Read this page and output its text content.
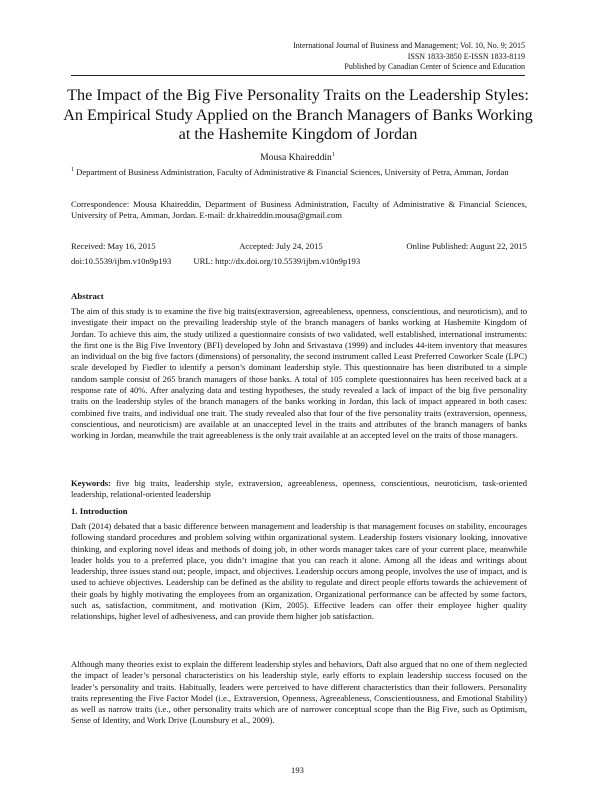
International Journal of Business and Management; Vol. 10, No. 9; 2015
ISSN 1833-3850 E-ISSN 1833-8119
Published by Canadian Center of Science and Education
The Impact of the Big Five Personality Traits on the Leadership Styles: An Empirical Study Applied on the Branch Managers of Banks Working at the Hashemite Kingdom of Jordan
Mousa Khaireddin$^1$
$^1$ Department of Business Administration, Faculty of Administrative & Financial Sciences, University of Petra, Amman, Jordan
Correspondence: Mousa Khaireddin, Department of Business Administration, Faculty of Administrative & Financial Sciences, University of Petra, Amman, Jordan. E-mail: dr.khaireddin.mousa@gmail.com
Received: May 16, 2015	Accepted: July 24, 2015	Online Published: August 22, 2015
doi:10.5539/ijbm.v10n9p193	URL: http://dx.doi.org/10.5539/ijbm.v10n9p193
Abstract
The aim of this study is to examine the five big traits(extraversion, agreeableness, openness, conscientious, and neuroticism), and to investigate their impact on the prevailing leadership style of the branch managers of banks working at Hashemite Kingdom of Jordan. To achieve this aim, the study utilized a questionnaire consists of two validated, well established, international instruments: the first one is the Big Five Inventory (BFI) developed by John and Srivastava (1999) and includes 44-item inventory that measures an individual on the big five factors (dimensions) of personality, the second instrument called Least Preferred Coworker Scale (LPC) scale developed by Fiedler to identify a person’s dominant leadership style. This questionnaire has been distributed to a simple random sample consist of 265 branch managers of those banks. A total of 105 complete questionnaires has been received back at a response rate of 40%. After analyzing data and testing hypotheses, the study revealed a lack of impact of the big five personality traits on the leadership styles of the branch managers of the banks working in Jordan, this lack of impact appeared in both cases: combined five traits, and individual one trait. The study revealed also that four of the five personality traits (extraversion, openness, conscientious, and neuroticism) are available at an unaccepted level in the traits and attributes of the branch managers of banks working in Jordan, meanwhile the trait agreeableness is the only trait available at an accepted level on the traits of those managers.
Keywords: five big traits, leadership style, extraversion, agreeableness, openness, conscientious, neuroticism, task-oriented leadership, relational-oriented leadership
1. Introduction
Daft (2014) debated that a basic difference between management and leadership is that management focuses on stability, encourages following standard procedures and problem solving within organizational system. Leadership fosters visionary looking, innovative thinking, and exploring novel ideas and methods of doing job, in other words manager takes care of your current place, meanwhile leader holds you to a preferred place, you didn’t imagine that you can reach it alone. Among all the ideas and writings about leadership, three issues stand out; people, impact, and objectives. Leadership occurs among people, involves the use of impact, and is used to achieve objectives. Leadership can be defined as the ability to regulate and direct people efforts towards the achievement of their goals by highly motivating the employees from an organization. Organizational performance can be affected by some factors, such as, satisfaction, commitment, and motivation (Kim, 2005). Effective leaders can offer their employee higher quality relationships, higher level of adhesiveness, and can provide them higher job satisfaction.
Although many theories exist to explain the different leadership styles and behaviors, Daft also argued that no one of them neglected the impact of leader’s personal characteristics on his leadership style, early efforts to explain leadership success focused on the leader’s personality and traits. Habitually, leaders were perceived to have different characteristics than their followers. Personality traits representing the Five Factor Model (i.e., Extraversion, Openness, Agreeableness, Conscientiousness, and Emotional Stability) as well as narrow traits (i.e., other personality traits which are of narrower conceptual scope than the Big Five, such as Optimism, Sense of Identity, and Work Drive (Lounsbury et al., 2009).
193
